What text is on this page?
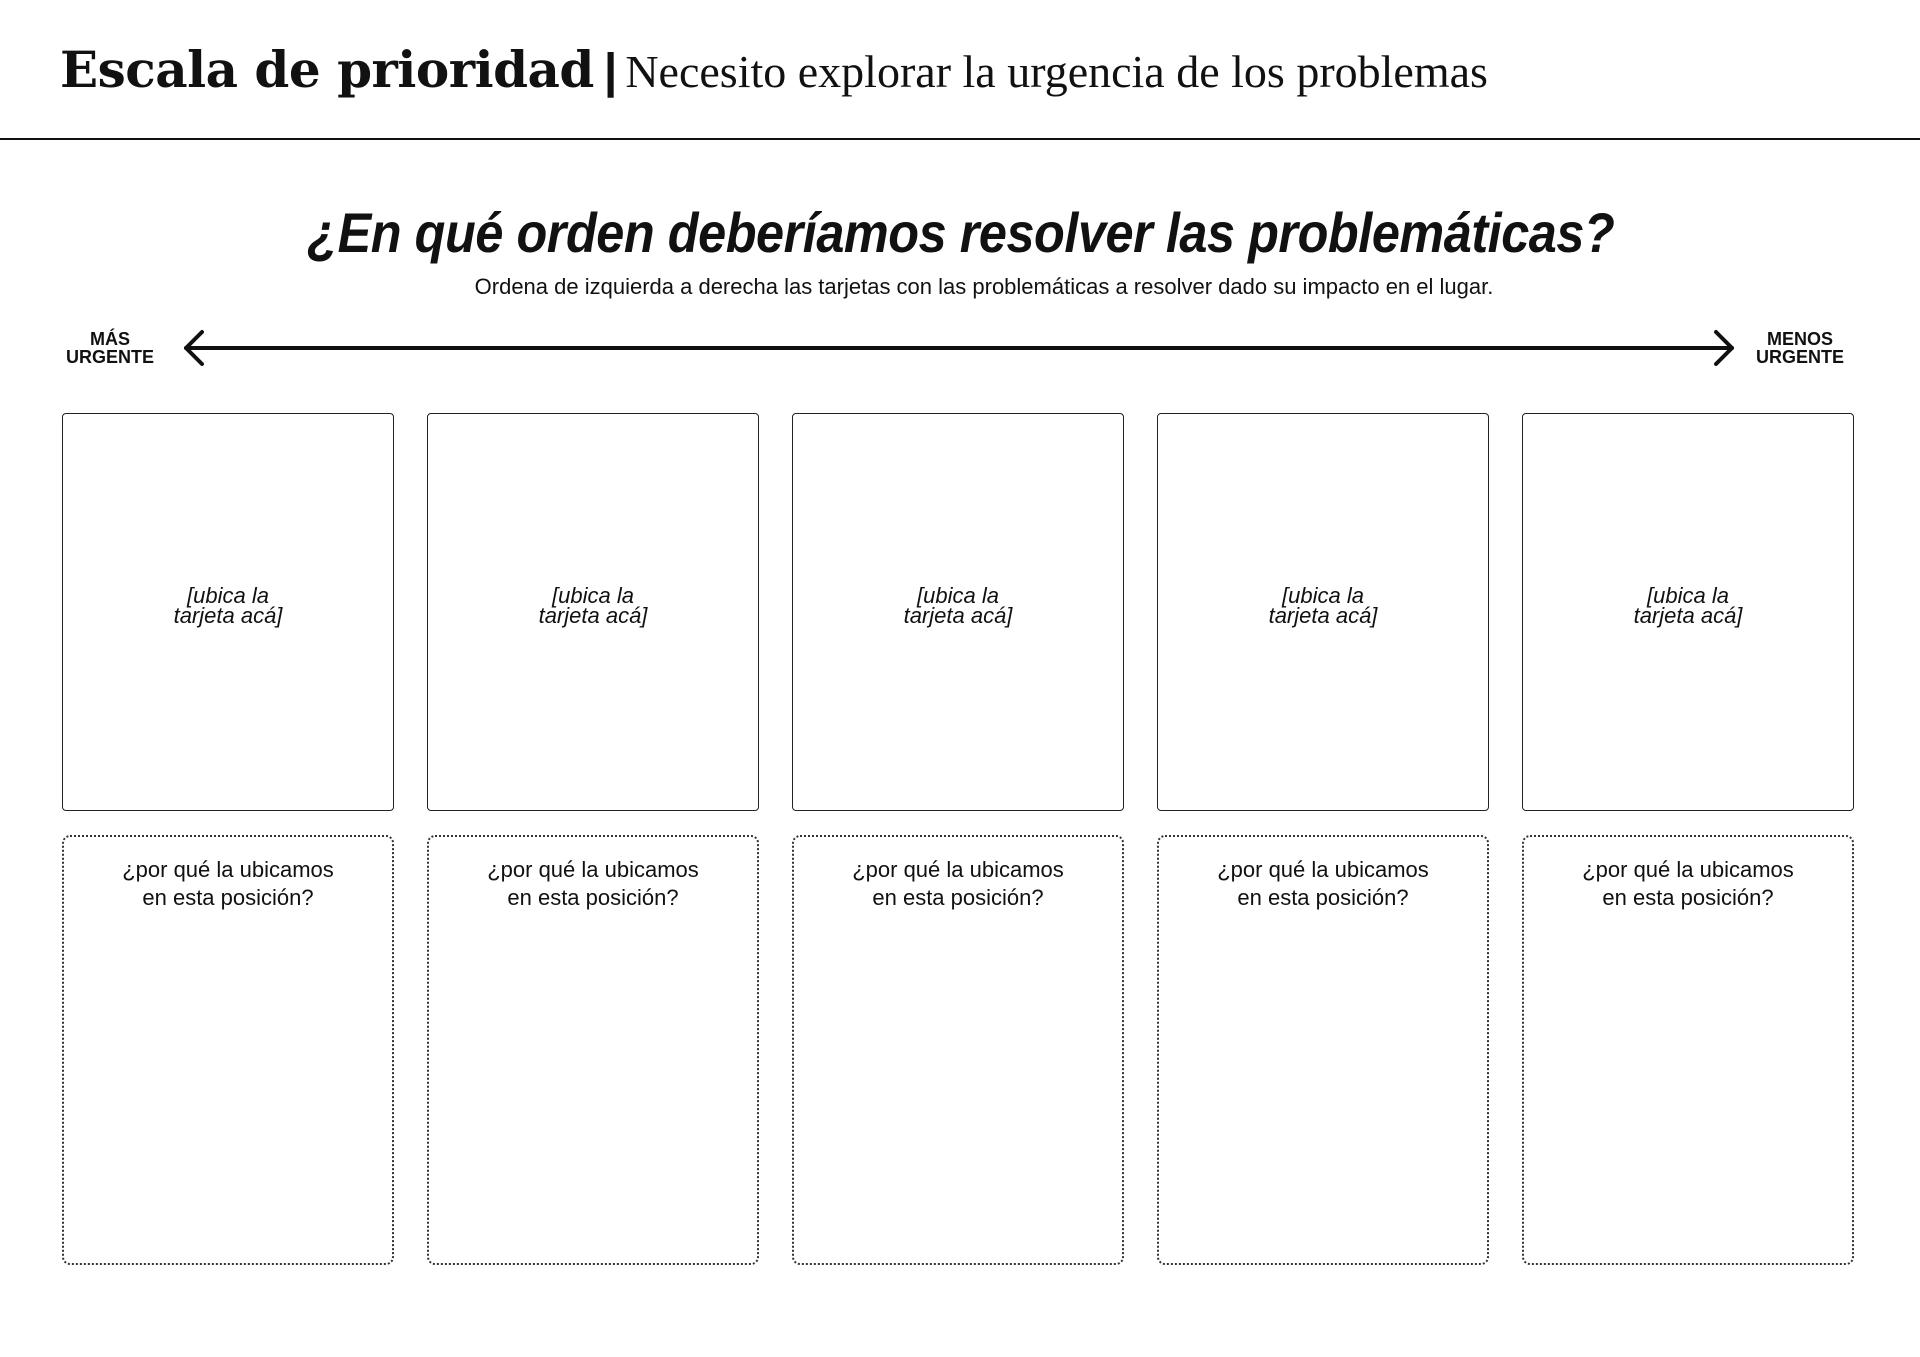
Escala de prioridad | Necesito explorar la urgencia de los problemas
¿En qué orden deberíamos resolver las problemáticas?
Ordena de izquierda a derecha las tarjetas con las problemáticas a resolver dado su impacto en el lugar.
MÁS
URGENTE
MENOS
URGENTE
[ubica la
tarjeta acá]
[ubica la
tarjeta acá]
[ubica la
tarjeta acá]
[ubica la
tarjeta acá]
[ubica la
tarjeta acá]
¿por qué la ubicamos
en esta posición?
¿por qué la ubicamos
en esta posición?
¿por qué la ubicamos
en esta posición?
¿por qué la ubicamos
en esta posición?
¿por qué la ubicamos
en esta posición?
